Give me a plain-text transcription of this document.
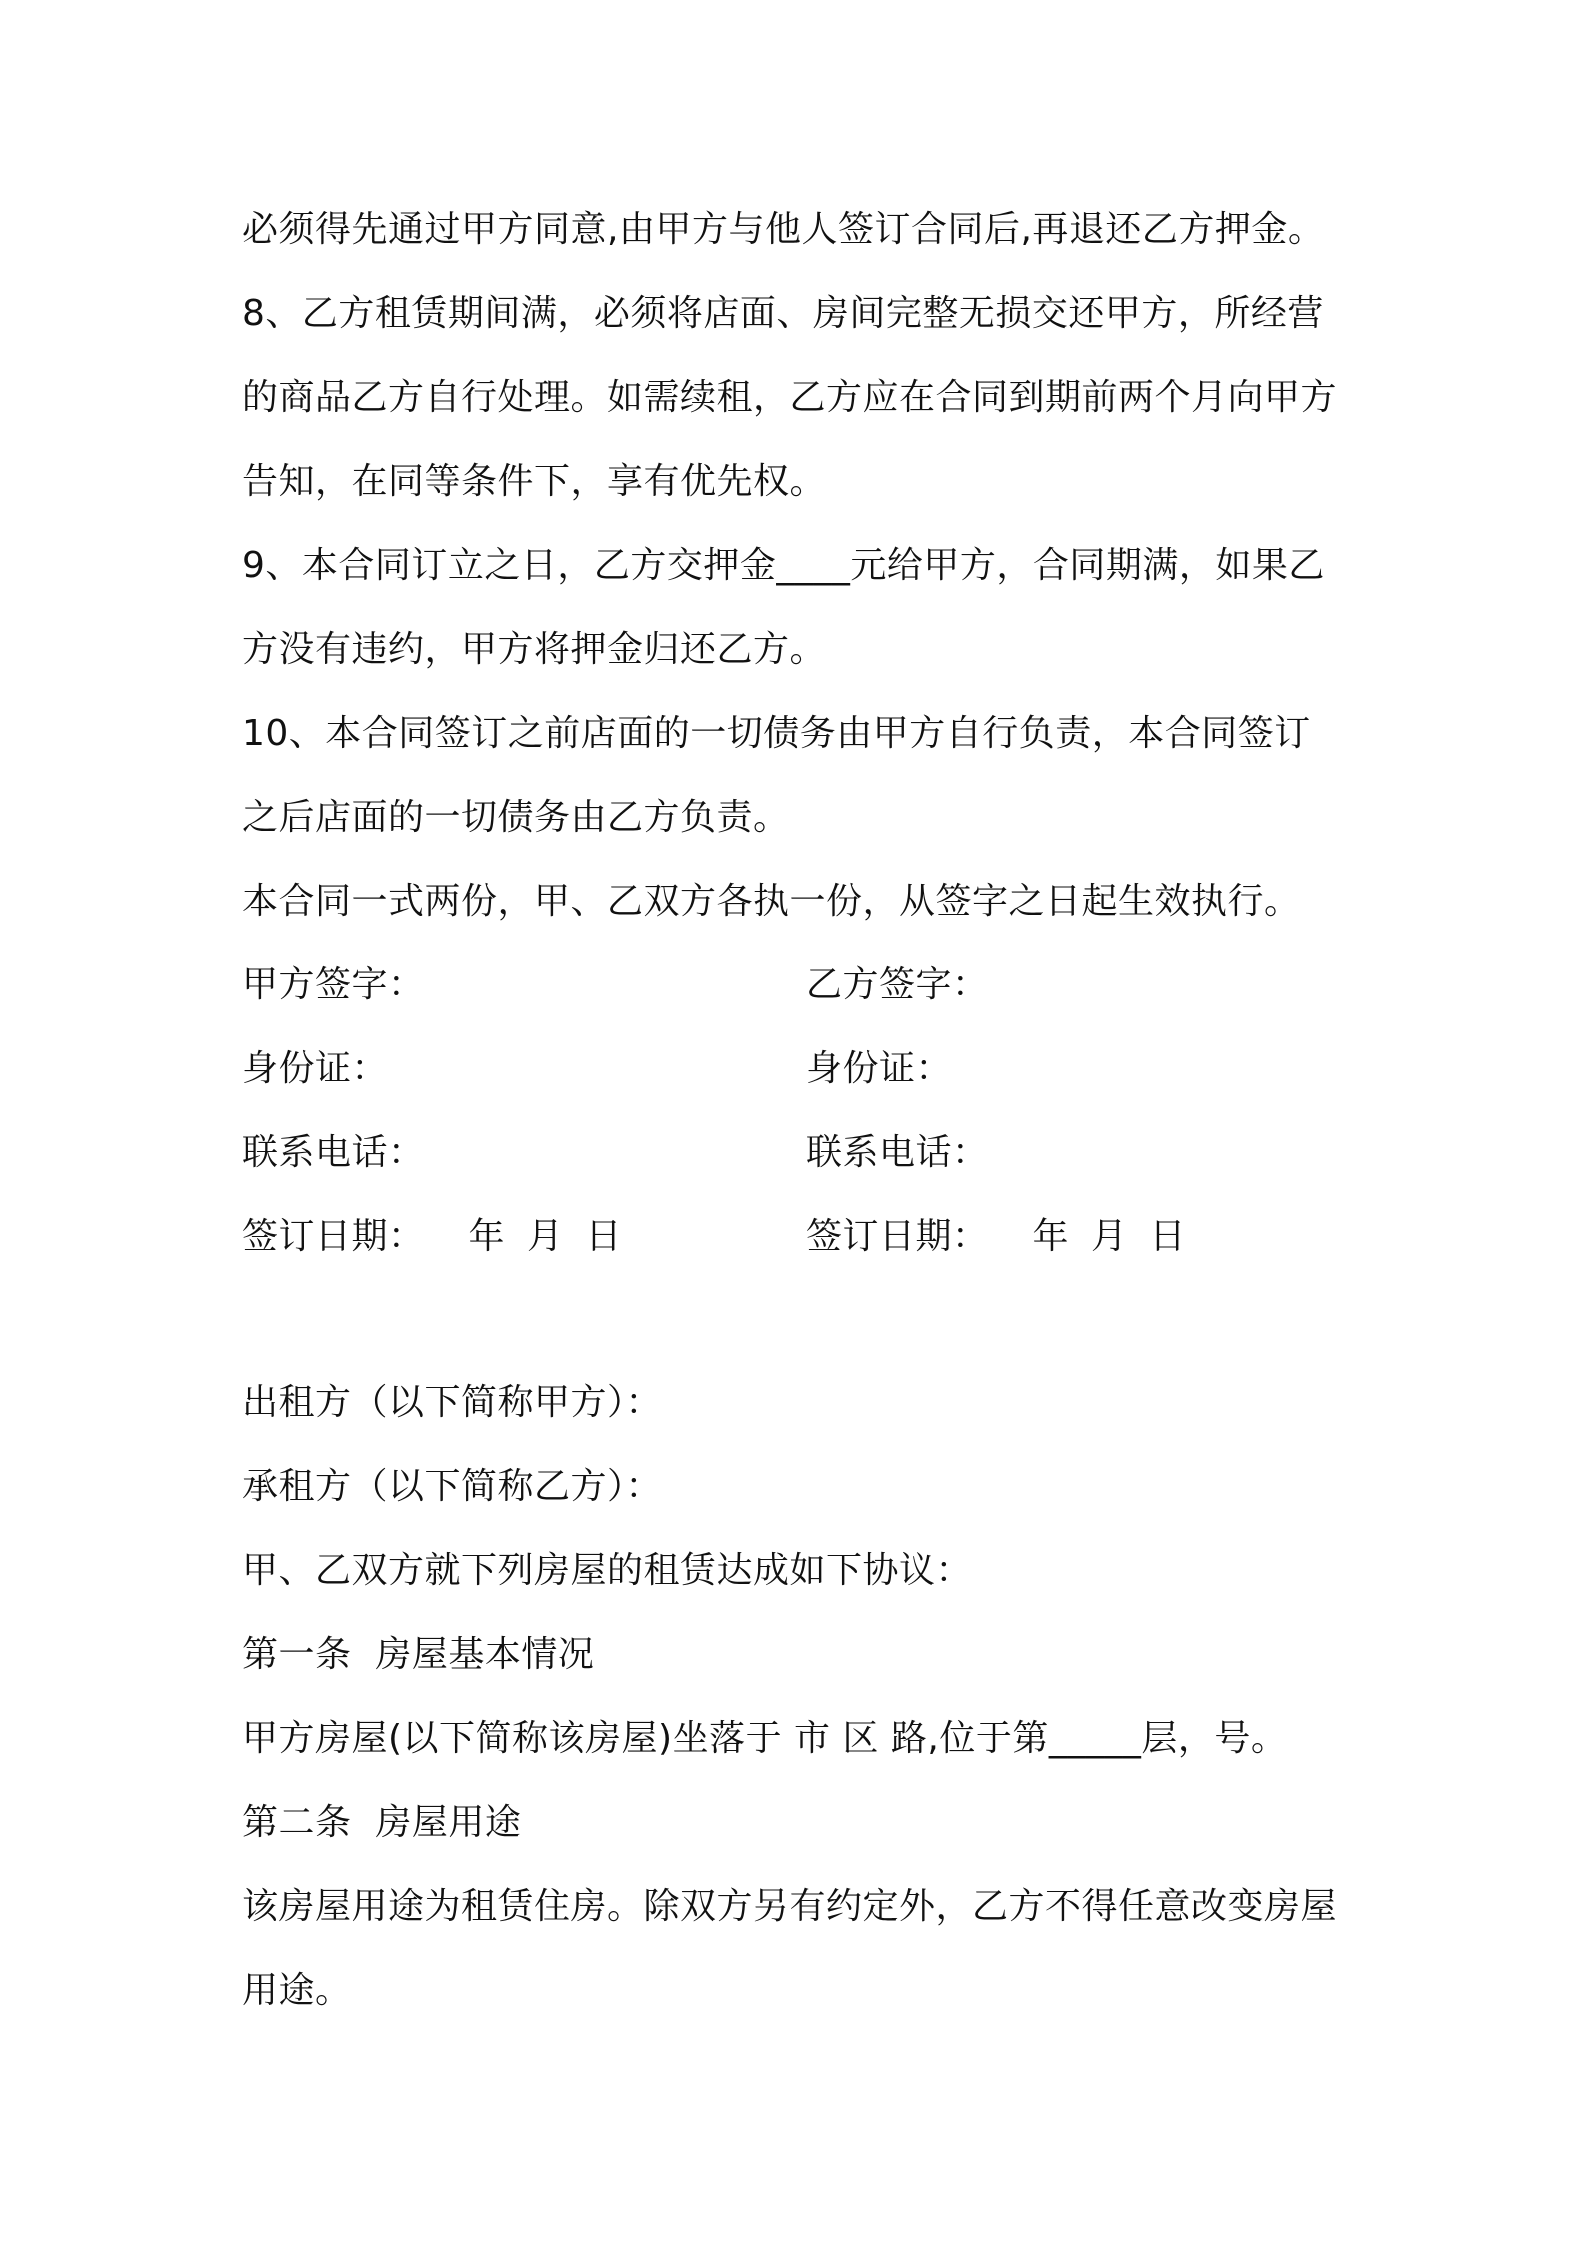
必须得先通过甲方同意,由甲方与他人签订合同后,再退还乙方押金。
8、乙方租赁期间满，必须将店面、房间完整无损交还甲方，所经营
的商品乙方自行处理。如需续租，乙方应在合同到期前两个月向甲方
告知，在同等条件下，享有优先权。
9、本合同订立之日，乙方交押金____元给甲方，合同期满，如果乙
方没有违约，甲方将押金归还乙方。
10、本合同签订之前店面的一切债务由甲方自行负责，本合同签订
之后店面的一切债务由乙方负责。
本合同一式两份，甲、乙双方各执一份，从签字之日起生效执行。
甲方签字：
身份证：
联系电话：
签订日期： 年 月 日
乙方签字：
身份证：
联系电话：
签订日期： 年 月 日
出租方（以下简称甲方）：
承租方（以下简称乙方）：
甲、乙双方就下列房屋的租赁达成如下协议：
第一条  房屋基本情况
甲方房屋(以下简称该房屋)坐落于 市 区 路,位于第_____层，号。
第二条  房屋用途
该房屋用途为租赁住房。除双方另有约定外，乙方不得任意改变房屋
用途。
